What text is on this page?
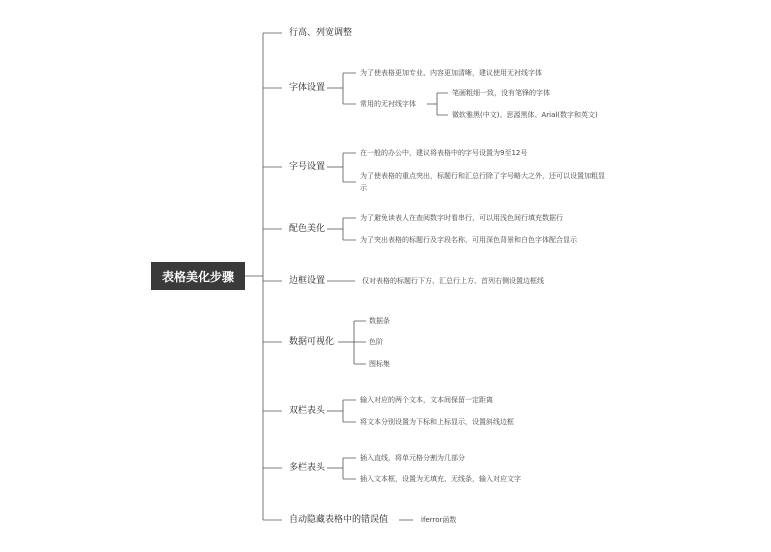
表格美化步骤
行高、列宽调整
字体设置
字号设置
配色美化
边框设置
数据可视化
双栏表头
多栏表头
自动隐藏表格中的错误值
为了使表格更加专业、内容更加清晰，建议使用无衬线字体
常用的无衬线字体
笔画粗细一致，没有笔锋的字体
微软雅黑(中文)、思源黑体、Arial(数字和英文)
在一般的办公中，建议将表格中的字号设置为9至12号
为了使表格的重点突出，标题行和汇总行除了字号略大之外，还可以设置加粗显示
为了避免读表人在查阅数字时看串行，可以用浅色间行填充数据行
为了突出表格的标题行及字段名称，可用深色背景和白色字体配合显示
仅对表格的标题行下方、汇总行上方、首列右侧设置边框线
数据条
色阶
图标集
输入对应的两个文本，文本间保留一定距离
将文本分别设置为下标和上标显示，设置斜线边框
插入直线，将单元格分割为几部分
插入文本框，设置为无填充、无线条，输入对应文字
iferror函数
